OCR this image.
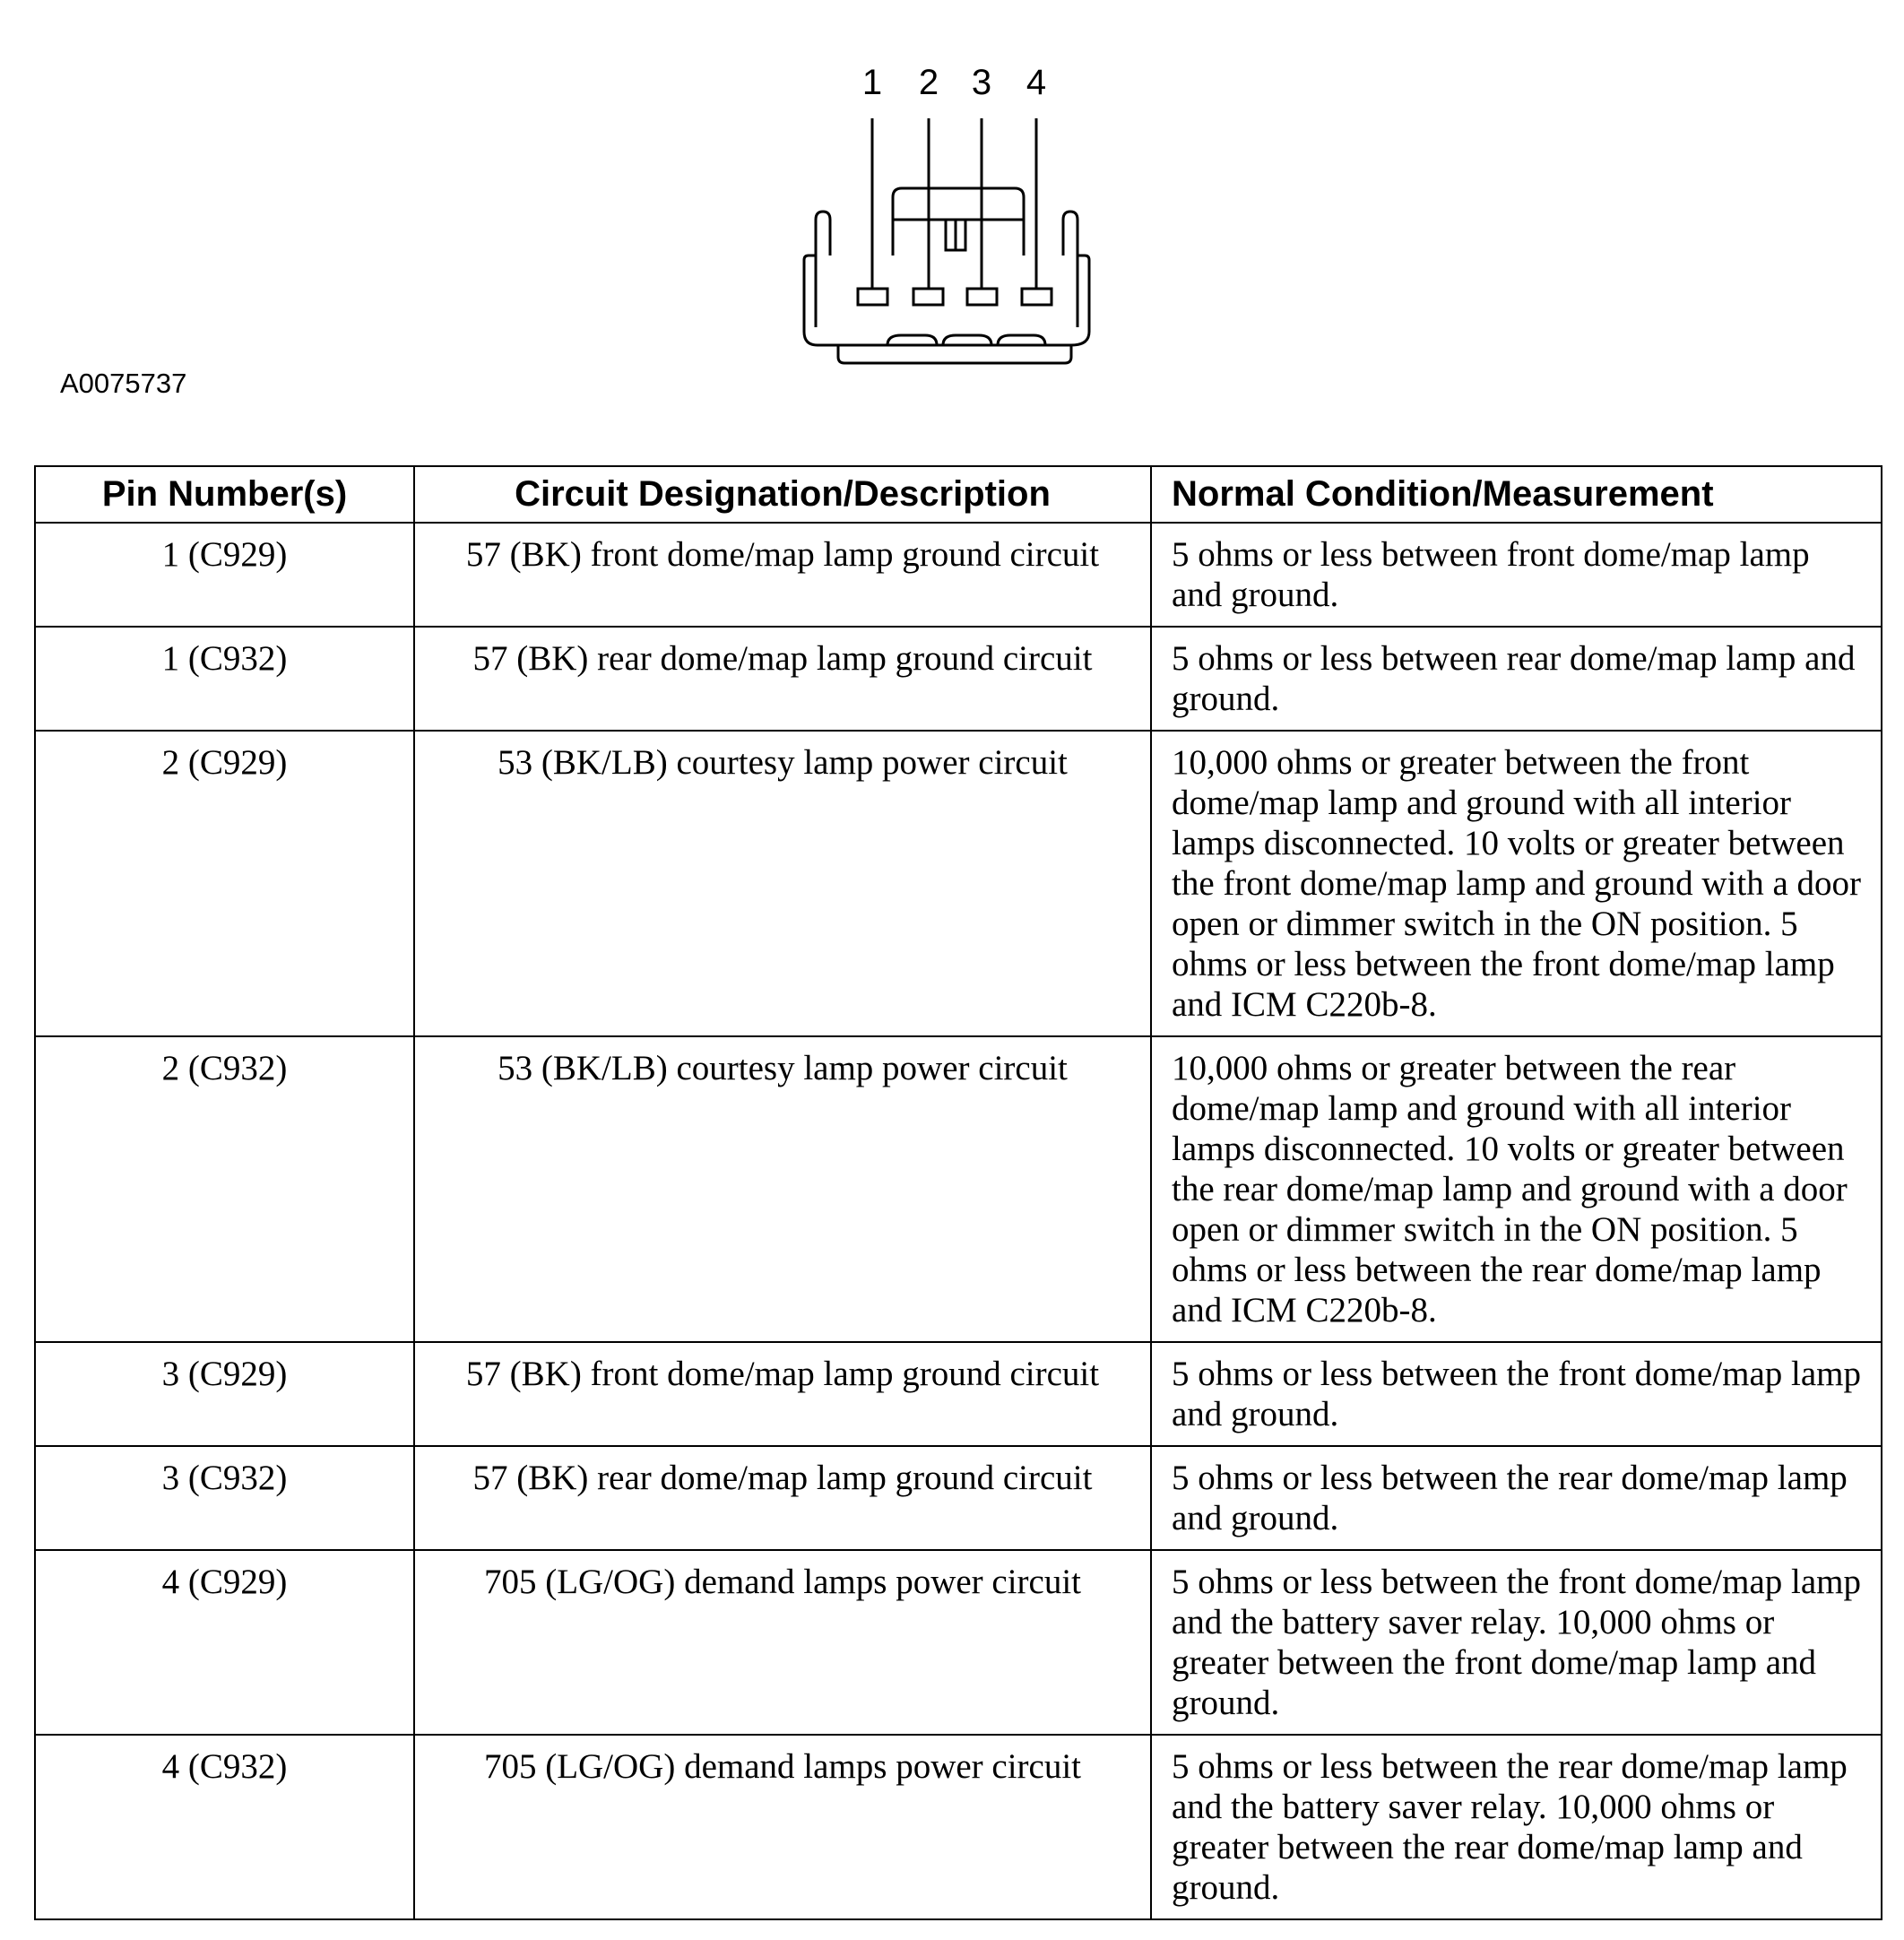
1 2 3 4
A0075737
Pin Number(s)	Circuit Designation/Description	Normal Condition/Measurement
1 (C929)	57 (BK) front dome/map lamp ground circuit	5 ohms or less between front dome/map lamp and ground.
1 (C932)	57 (BK) rear dome/map lamp ground circuit	5 ohms or less between rear dome/map lamp and ground.
2 (C929)	53 (BK/LB) courtesy lamp power circuit	10,000 ohms or greater between the front dome/map lamp and ground with all interior lamps disconnected. 10 volts or greater between the front dome/map lamp and ground with a door open or dimmer switch in the ON position. 5 ohms or less between the front dome/map lamp and ICM C220b-8.
2 (C932)	53 (BK/LB) courtesy lamp power circuit	10,000 ohms or greater between the rear dome/map lamp and ground with all interior lamps disconnected. 10 volts or greater between the rear dome/map lamp and ground with a door open or dimmer switch in the ON position. 5 ohms or less between the rear dome/map lamp and ICM C220b-8.
3 (C929)	57 (BK) front dome/map lamp ground circuit	5 ohms or less between the front dome/map lamp and ground.
3 (C932)	57 (BK) rear dome/map lamp ground circuit	5 ohms or less between the rear dome/map lamp and ground.
4 (C929)	705 (LG/OG) demand lamps power circuit	5 ohms or less between the front dome/map lamp and the battery saver relay. 10,000 ohms or greater between the front dome/map lamp and ground.
4 (C932)	705 (LG/OG) demand lamps power circuit	5 ohms or less between the rear dome/map lamp and the battery saver relay. 10,000 ohms or greater between the rear dome/map lamp and ground.
